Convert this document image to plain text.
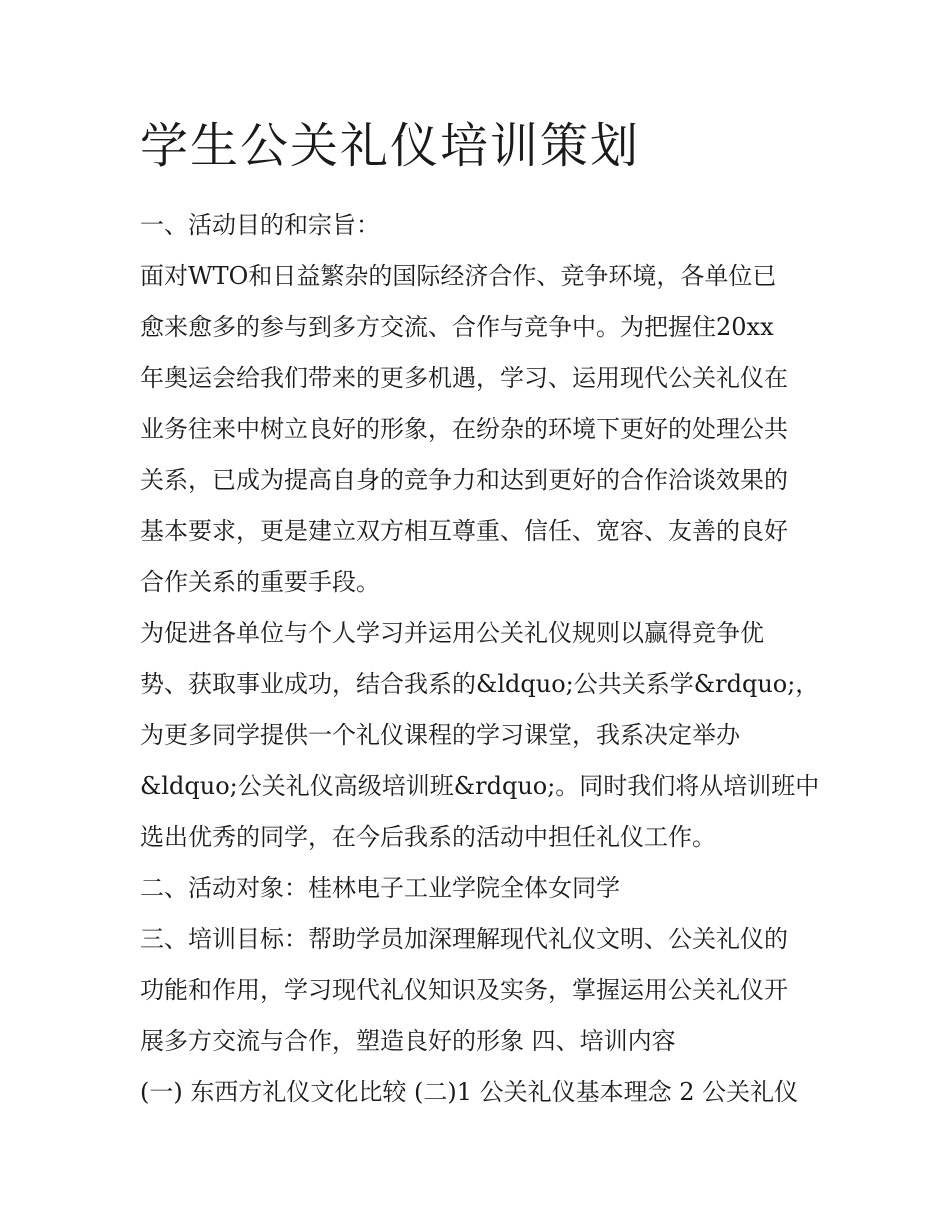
学生公关礼仪培训策划

一、活动目的和宗旨：

面对WTO和日益繁杂的国际经济合作、竞争环境，各单位已

愈来愈多的参与到多方交流、合作与竞争中。为把握住20xx

年奥运会给我们带来的更多机遇，学习、运用现代公关礼仪在

业务往来中树立良好的形象，在纷杂的环境下更好的处理公共

关系，已成为提高自身的竞争力和达到更好的合作洽谈效果的

基本要求，更是建立双方相互尊重、信任、宽容、友善的良好

合作关系的重要手段。

为促进各单位与个人学习并运用公关礼仪规则以赢得竞争优

势、获取事业成功，结合我系的&ldquo;公共关系学&rdquo;，

为更多同学提供一个礼仪课程的学习课堂，我系决定举办

&ldquo;公关礼仪高级培训班&rdquo;。同时我们将从培训班中

选出优秀的同学，在今后我系的活动中担任礼仪工作。

二、活动对象：桂林电子工业学院全体女同学

三、培训目标：帮助学员加深理解现代礼仪文明、公关礼仪的

功能和作用，学习现代礼仪知识及实务，掌握运用公关礼仪开

展多方交流与合作，塑造良好的形象 四、培训内容

(一) 东西方礼仪文化比较 (二)1 公关礼仪基本理念 2 公关礼仪
